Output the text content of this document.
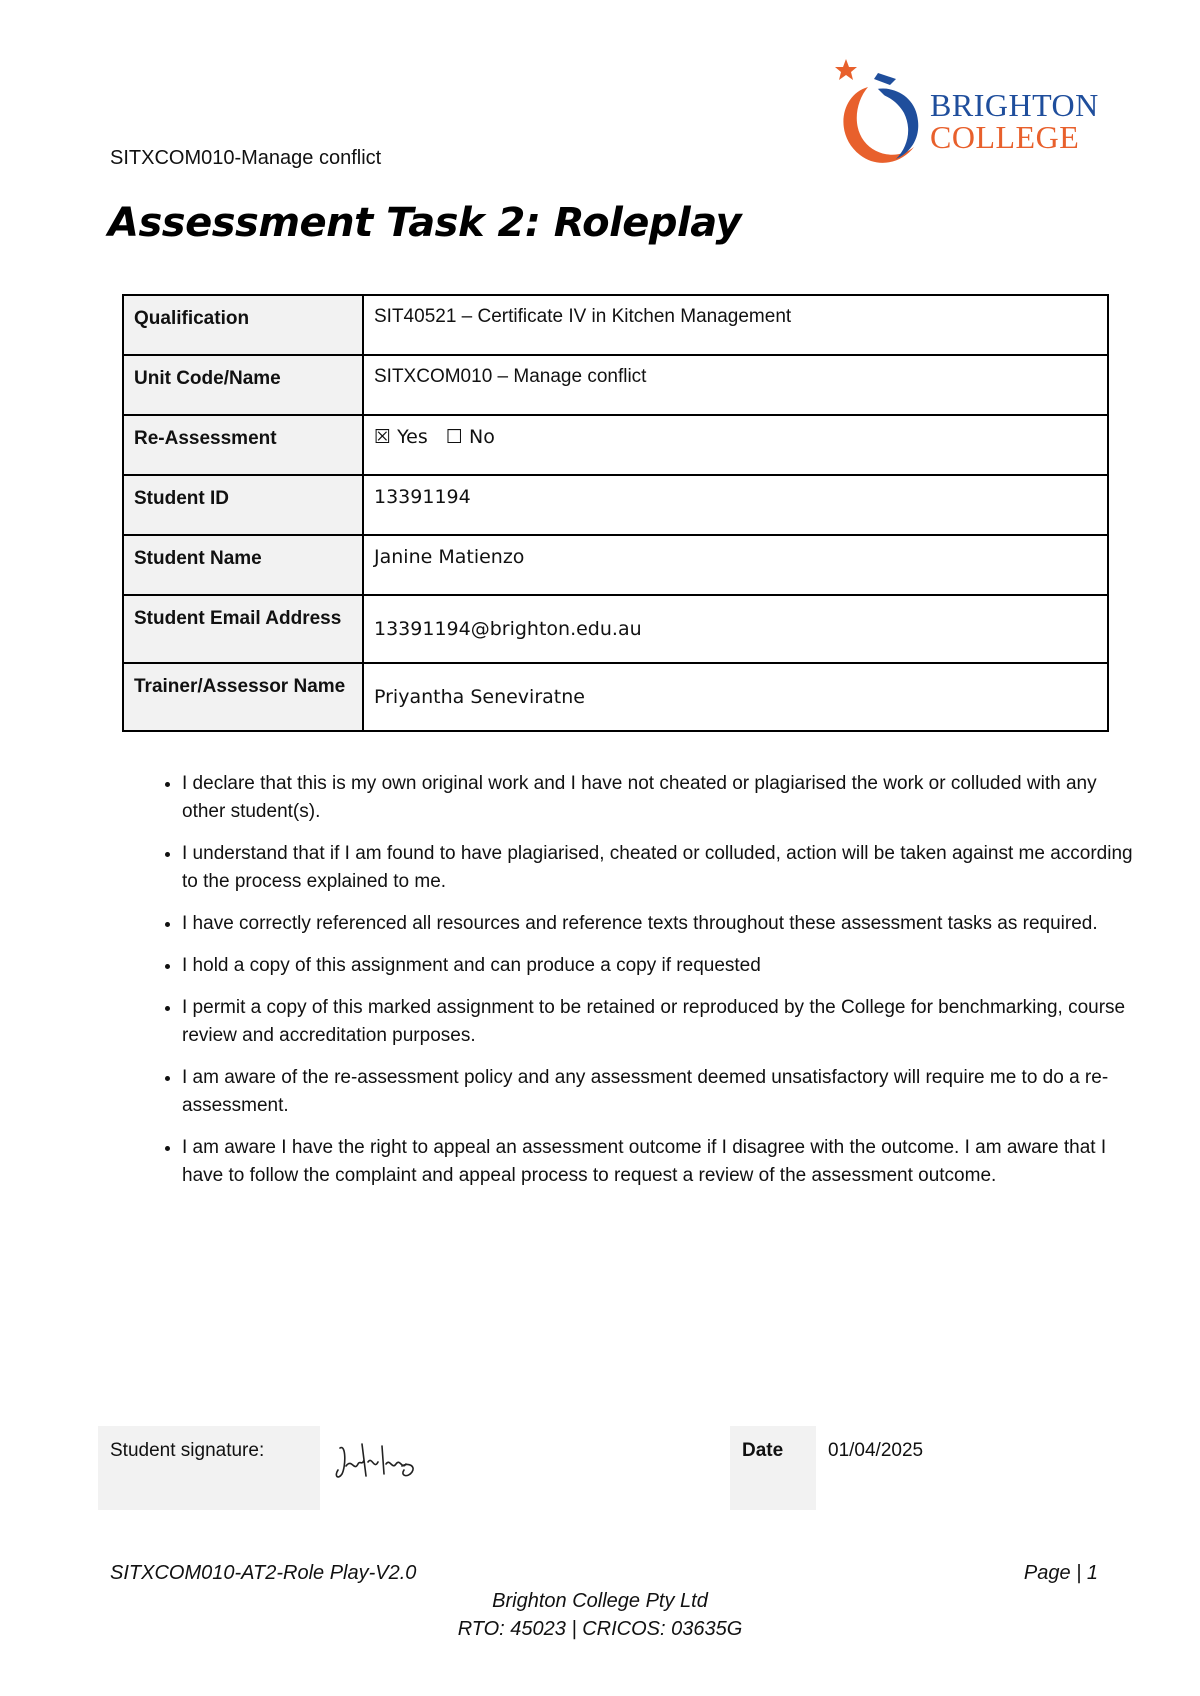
SITXCOM010-Manage conflict
BRIGHTON
COLLEGE
Assessment Task 2: Roleplay
Qualification	SIT40521 – Certificate IV in Kitchen Management
Unit Code/Name	SITXCOM010 – Manage conflict
Re-Assessment	☒ Yes ☐ No
Student ID	13391194
Student Name	Janine Matienzo
Student Email Address	13391194@brighton.edu.au
Trainer/Assessor Name	Priyantha Seneviratne
• I declare that this is my own original work and I have not cheated or plagiarised the work or colluded with any other student(s).
• I understand that if I am found to have plagiarised, cheated or colluded, action will be taken against me according to the process explained to me.
• I have correctly referenced all resources and reference texts throughout these assessment tasks as required.
• I hold a copy of this assignment and can produce a copy if requested
• I permit a copy of this marked assignment to be retained or reproduced by the College for benchmarking, course review and accreditation purposes.
• I am aware of the re-assessment policy and any assessment deemed unsatisfactory will require me to do a re-assessment.
• I am aware I have the right to appeal an assessment outcome if I disagree with the outcome. I am aware that I have to follow the complaint and appeal process to request a review of the assessment outcome.
Student signature:	Date 01/04/2025
SITXCOM010-AT2-Role Play-V2.0	Page | 1
Brighton College Pty Ltd
RTO: 45023 | CRICOS: 03635G
